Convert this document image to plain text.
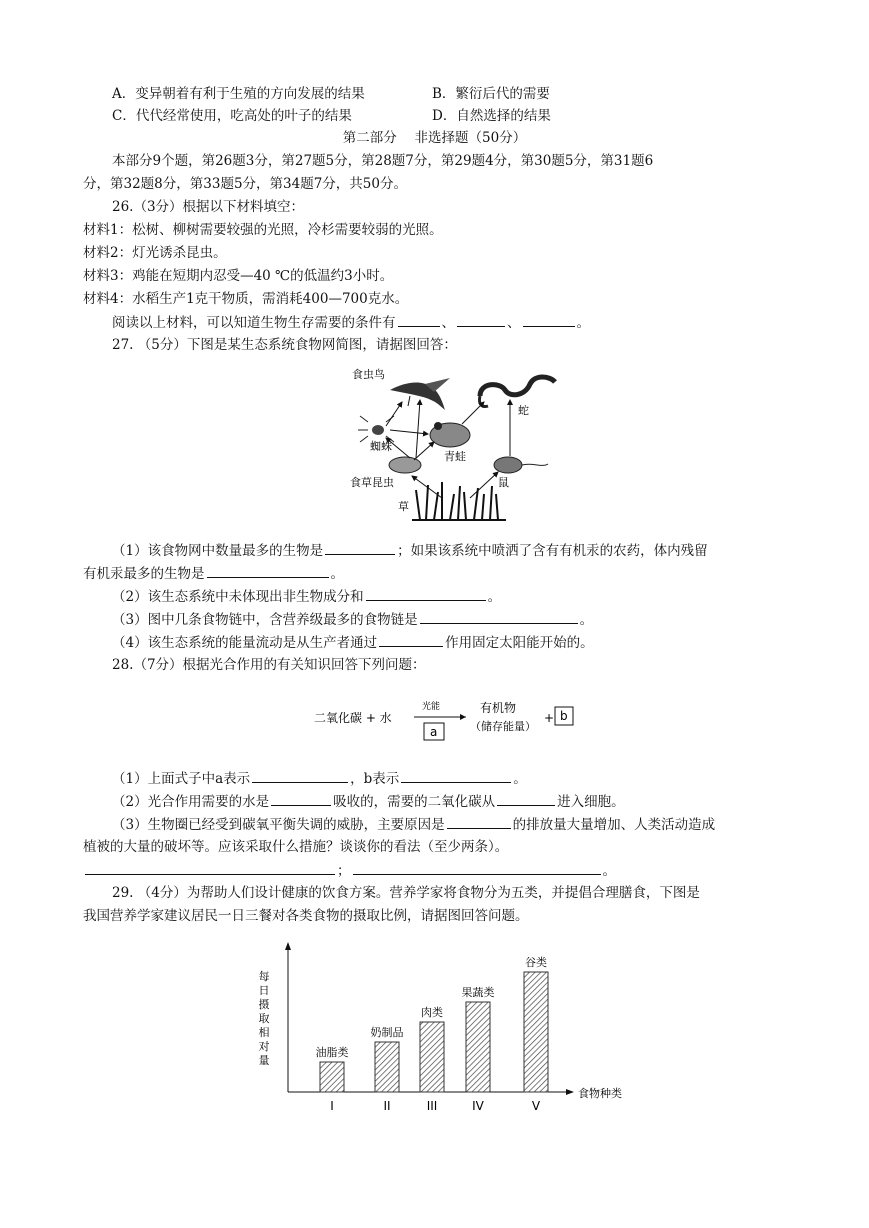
A．变异朝着有利于生殖的方向发展的结果	B．繁衍后代的需要
C．代代经常使用，吃高处的叶子的结果	D．自然选择的结果
第二部分　 非选择题（50分）
本部分9个题，第26题3分，第27题5分，第28题7分，第29题4分，第30题5分，第31题6
分，第32题8分，第33题5分，第34题7分，共50分。
26.（3分）根据以下材料填空：
材料1：松树、柳树需要较强的光照，冷杉需要较弱的光照。
材料2：灯光诱杀昆虫。
材料3：鸡能在短期内忍受—40 ℃的低温约3小时。
材料4：水稻生产1克干物质，需消耗400—700克水。
阅读以上材料，可以知道生物生存需要的条件有	、	、	。
27. （5分）下图是某生态系统食物网简图，请据图回答：
食虫鸟
蛇
蜘蛛
青蛙
食草昆虫	鼠
草
（1）该食物网中数量最多的生物是	；如果该系统中喷洒了含有有机汞的农药，体内残留
有机汞最多的生物是	。
（2）该生态系统中未体现出非生物成分和	。
（3）图中几条食物链中，含营养级最多的食物链是	。
（4）该生态系统的能量流动是从生产者通过	作用固定太阳能开始的。
28.（7分）根据光合作用的有关知识回答下列问题：
二氧化碳 + 水
光能
a
有机物
（储存能量）
+ b
（1）上面式子中a表示	，b表示	。
（2）光合作用需要的水是	吸收的，需要的二氧化碳从	进入细胞。
（3）生物圈已经受到碳氧平衡失调的威胁，主要原因是	的排放量大量增加、人类活动造成
植被的大量的破坏等。应该采取什么措施？谈谈你的看法（至少两条）。
；	。
29. （4分）为帮助人们设计健康的饮食方案。营养学家将食物分为五类，并提倡合理膳食，下图是
我国营养学家建议居民一日三餐对各类食物的摄取比例，请据图回答问题。
食物种类
每
日
摄
取
相
对
量
油脂类
I
奶制品
II
肉类
III
果蔬类
IV
谷类
V
